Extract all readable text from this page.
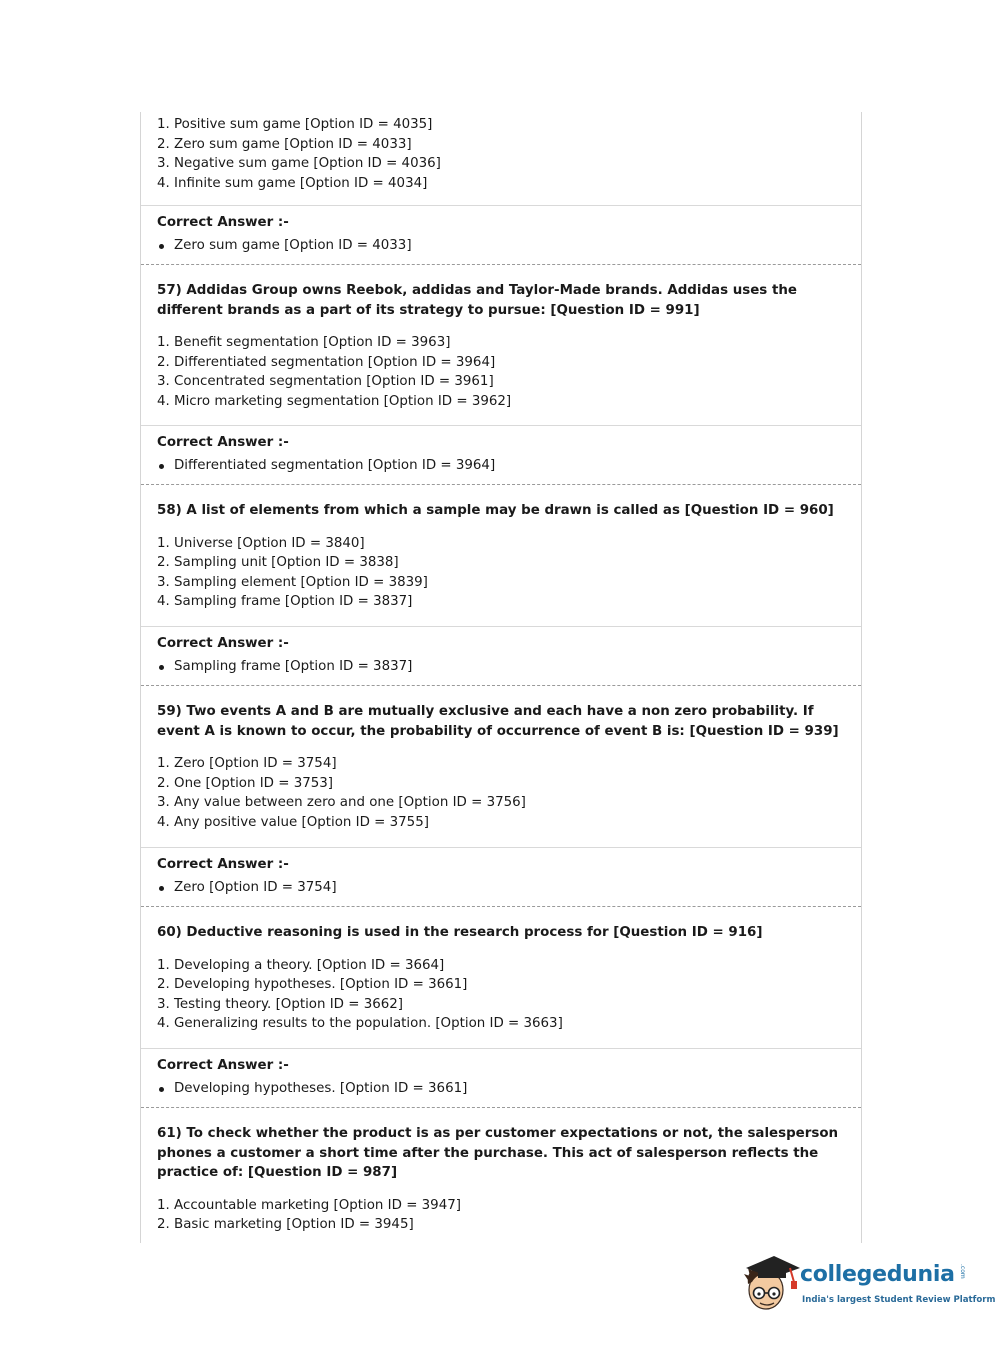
1. Positive sum game [Option ID = 4035]
2. Zero sum game [Option ID = 4033]
3. Negative sum game [Option ID = 4036]
4. Infinite sum game [Option ID = 4034]

Correct Answer :-

Zero sum game [Option ID = 4033]
57) Addidas Group owns Reebok, addidas and Taylor-Made brands. Addidas uses the different brands as a part of its strategy to pursue: [Question ID = 991]
1. Benefit segmentation [Option ID = 3963]
2. Differentiated segmentation [Option ID = 3964]
3. Concentrated segmentation [Option ID = 3961]
4. Micro marketing segmentation [Option ID = 3962]

Correct Answer :-

Differentiated segmentation [Option ID = 3964]
58) A list of elements from which a sample may be drawn is called as [Question ID = 960]
1. Universe [Option ID = 3840]
2. Sampling unit [Option ID = 3838]
3. Sampling element [Option ID = 3839]
4. Sampling frame [Option ID = 3837]

Correct Answer :-

Sampling frame [Option ID = 3837]
59) Two events A and B are mutually exclusive and each have a non zero probability. If event A is known to occur, the probability of occurrence of event B is: [Question ID = 939]
1. Zero [Option ID = 3754]
2. One [Option ID = 3753]
3. Any value between zero and one [Option ID = 3756]
4. Any positive value [Option ID = 3755]

Correct Answer :-

Zero [Option ID = 3754]
60) Deductive reasoning is used in the research process for [Question ID = 916]
1. Developing a theory. [Option ID = 3664]
2. Developing hypotheses. [Option ID = 3661]
3. Testing theory. [Option ID = 3662]
4. Generalizing results to the population. [Option ID = 3663]

Correct Answer :-

Developing hypotheses. [Option ID = 3661]
61) To check whether the product is as per customer expectations or not, the salesperson phones a customer a short time after the purchase. This act of salesperson reflects the practice of: [Question ID = 987]
1. Accountable marketing [Option ID = 3947]
2. Basic marketing [Option ID = 3945]
collegedunia .com
India's largest Student Review Platform
